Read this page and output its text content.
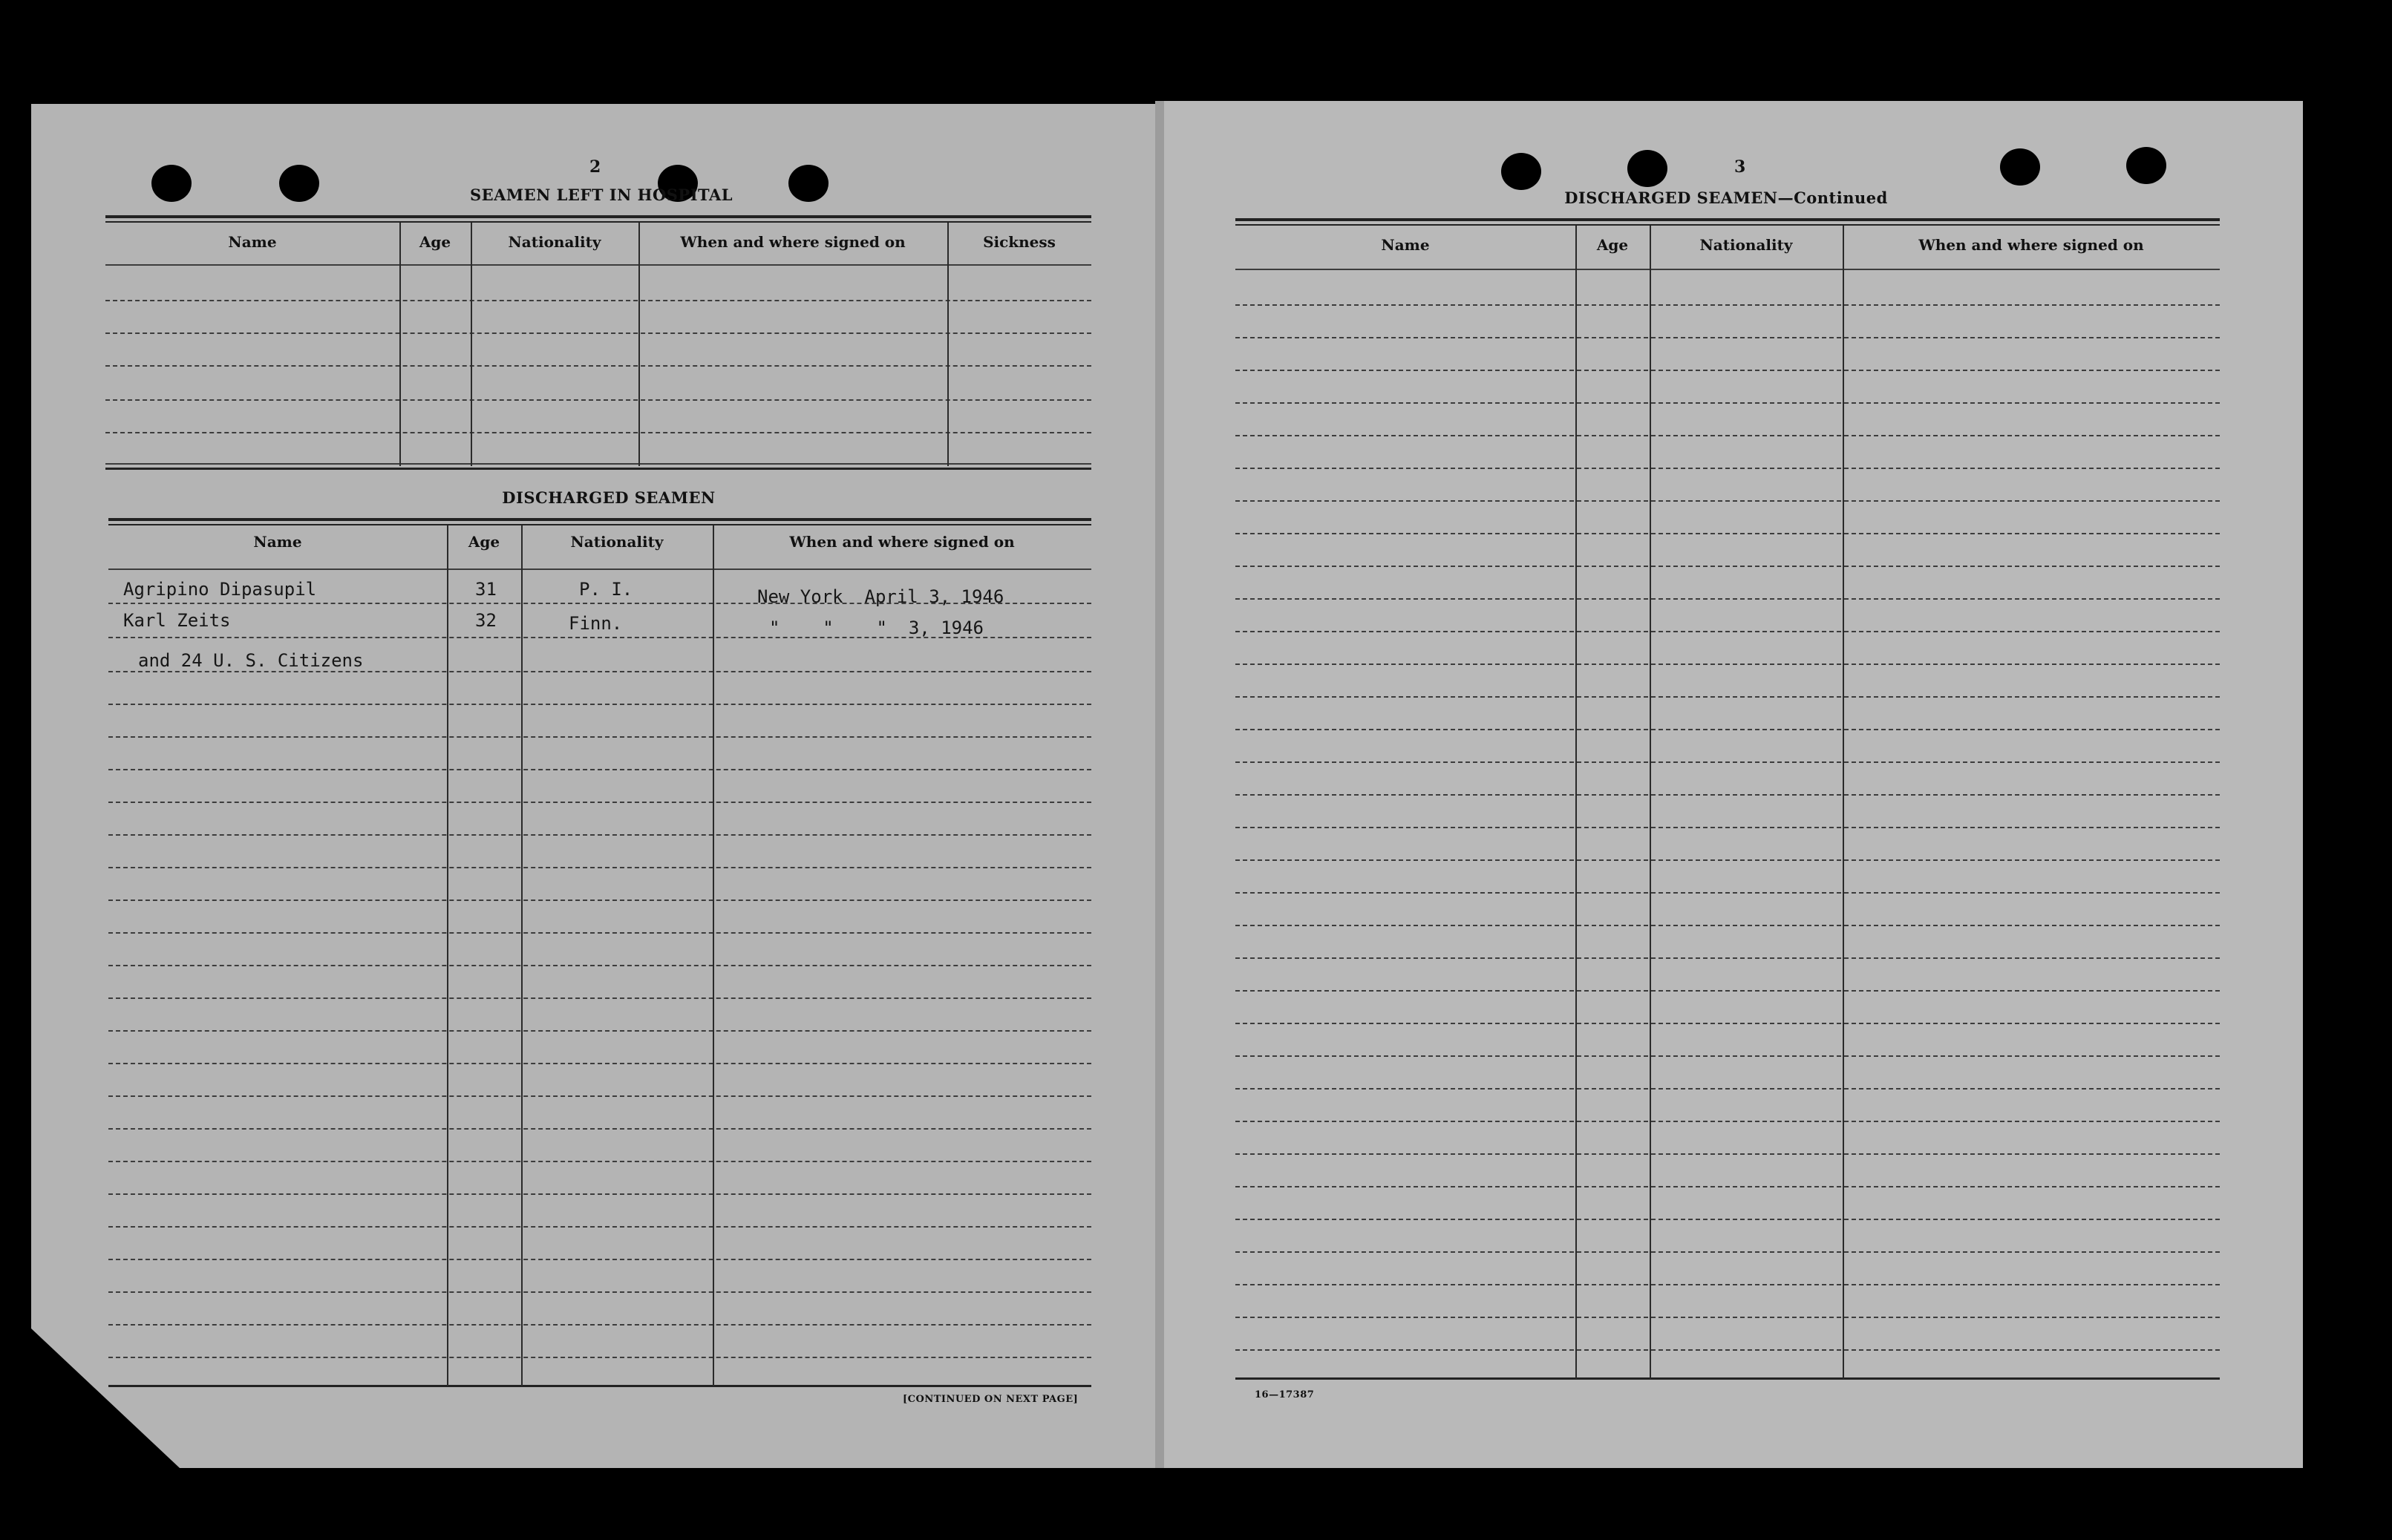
2
SEAMEN LEFT IN HOSPITAL
Name	Age	Nationality	When and where signed on	Sickness
DISCHARGED SEAMEN
Name	Age	Nationality	When and where signed on
Agripino Dipasupil	31	P. I.	New York  April 3, 1946
Karl Zeits	32	Finn.	"    "    "  3, 1946
and 24 U. S. Citizens
[CONTINUED ON NEXT PAGE]
3
DISCHARGED SEAMEN—Continued
Name	Age	Nationality	When and where signed on
16—17387
